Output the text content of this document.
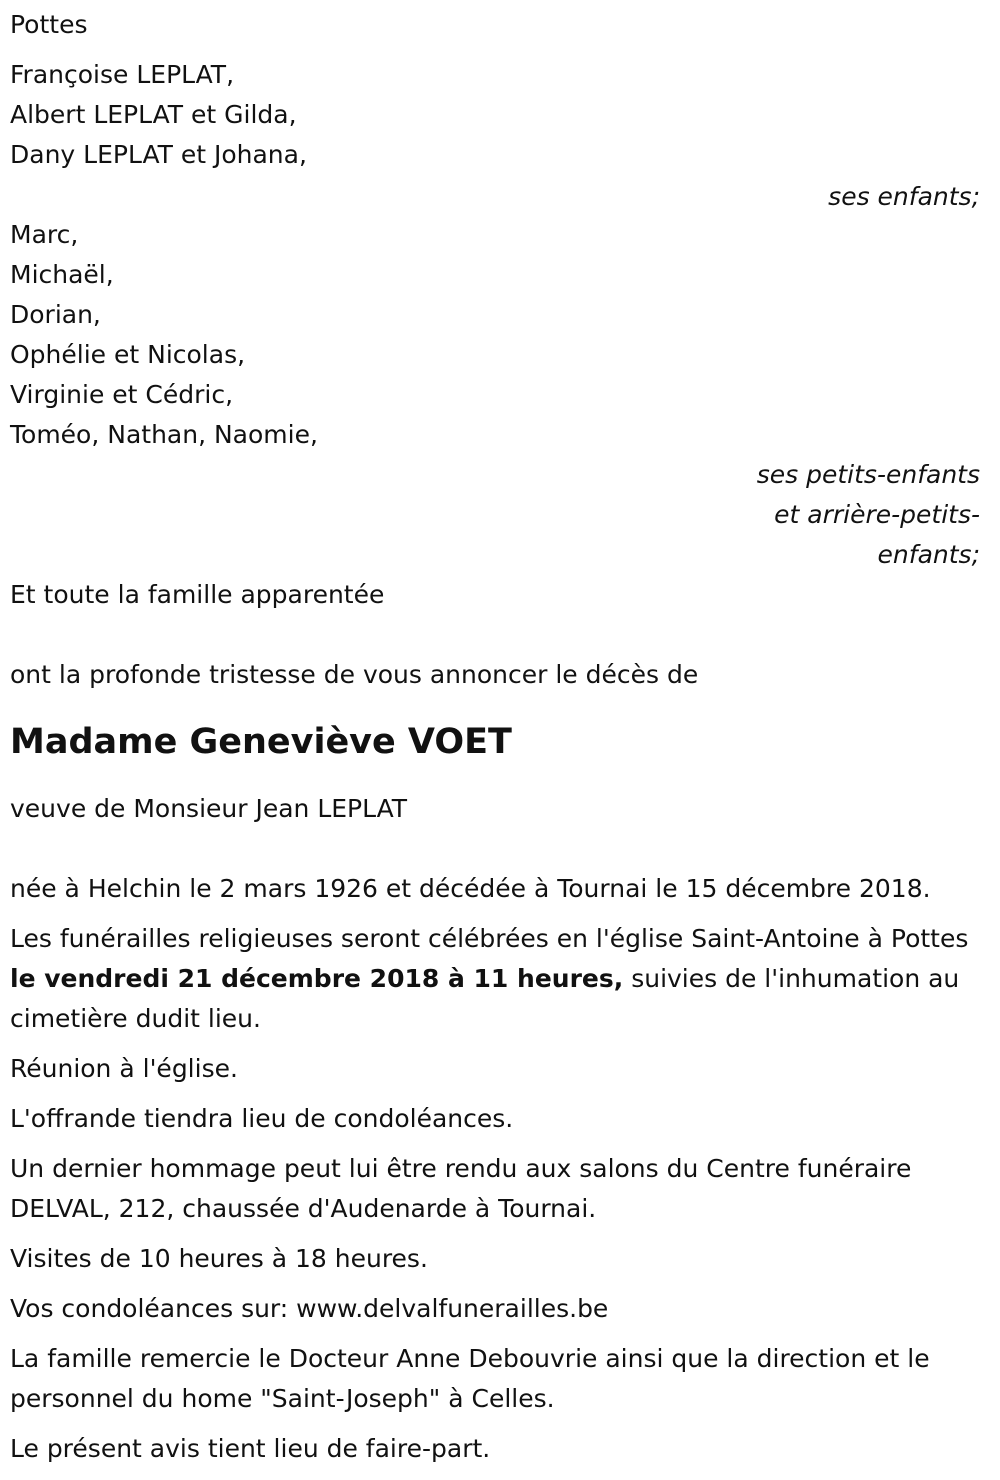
Pottes
Françoise LEPLAT,
Albert LEPLAT et Gilda,
Dany LEPLAT et Johana,
ses enfants;
Marc,
Michaël,
Dorian,
Ophélie et Nicolas,
Virginie et Cédric,
Toméo, Nathan, Naomie,
ses petits-enfants
et arrière-petits-
enfants;
Et toute la famille apparentée
ont la profonde tristesse de vous annoncer le décès de
Madame Geneviève VOET
veuve de Monsieur Jean LEPLAT

née à Helchin le 2 mars 1926 et décédée à Tournai le 15 décembre 2018.

Les funérailles religieuses seront célébrées en l'église Saint-Antoine à Pottes le vendredi 21 décembre 2018 à 11 heures, suivies de l'inhumation au cimetière dudit lieu.

Réunion à l'église.

L'offrande tiendra lieu de condoléances.

Un dernier hommage peut lui être rendu aux salons du Centre funéraire DELVAL, 212, chaussée d'Audenarde à Tournai.

Visites de 10 heures à 18 heures.

Vos condoléances sur: www.delvalfunerailles.be

La famille remercie le Docteur Anne Debouvrie ainsi que la direction et le personnel du home "Saint-Joseph" à Celles.

Le présent avis tient lieu de faire-part.
